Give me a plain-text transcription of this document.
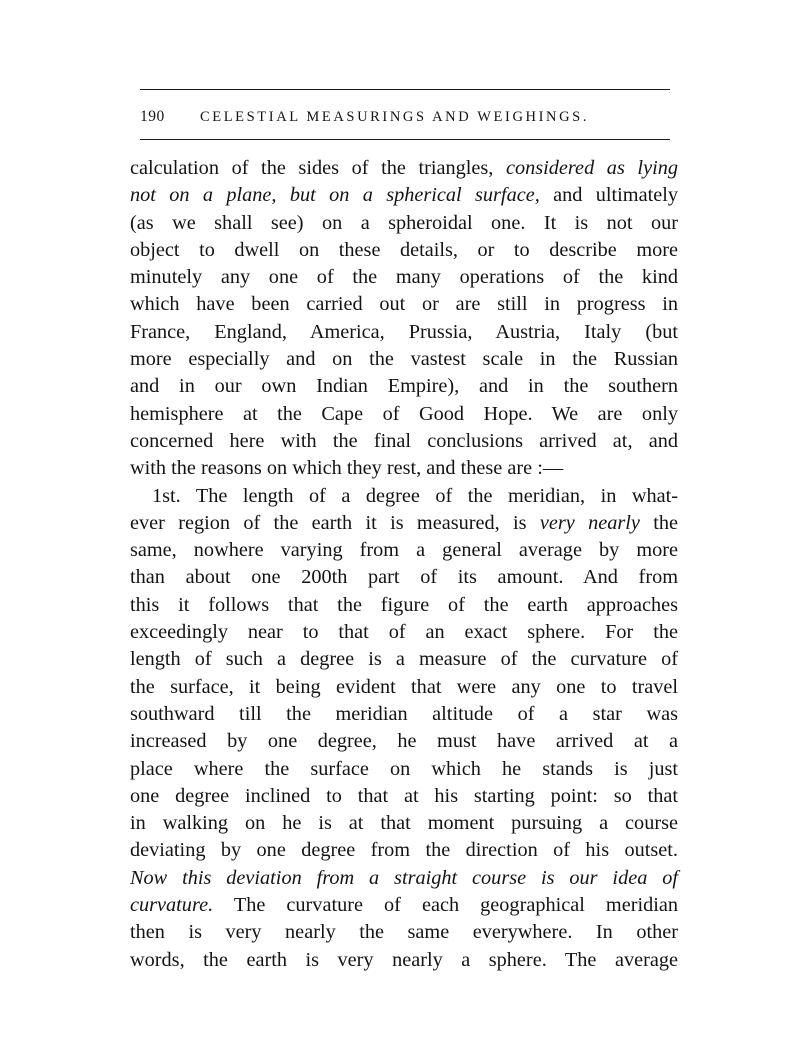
190 CELESTIAL MEASURINGS AND WEIGHINGS.
calculation of the sides of the triangles, considered as lying
not on a plane, but on a spherical surface, and ultimately
(as we shall see) on a spheroidal one. It is not our
object to dwell on these details, or to describe more
minutely any one of the many operations of the kind
which have been carried out or are still in progress in
France, England, America, Prussia, Austria, Italy (but
more especially and on the vastest scale in the Russian
and in our own Indian Empire), and in the southern
hemisphere at the Cape of Good Hope. We are only
concerned here with the final conclusions arrived at, and
with the reasons on which they rest, and these are :—
1st. The length of a degree of the meridian, in what-
ever region of the earth it is measured, is very nearly the
same, nowhere varying from a general average by more
than about one 200th part of its amount. And from
this it follows that the figure of the earth approaches
exceedingly near to that of an exact sphere. For the
length of such a degree is a measure of the curvature of
the surface, it being evident that were any one to travel
southward till the meridian altitude of a star was
increased by one degree, he must have arrived at a
place where the surface on which he stands is just
one degree inclined to that at his starting point: so that
in walking on he is at that moment pursuing a course
deviating by one degree from the direction of his outset.
Now this deviation from a straight course is our idea of
curvature. The curvature of each geographical meridian
then is very nearly the same everywhere. In other
words, the earth is very nearly a sphere. The average
